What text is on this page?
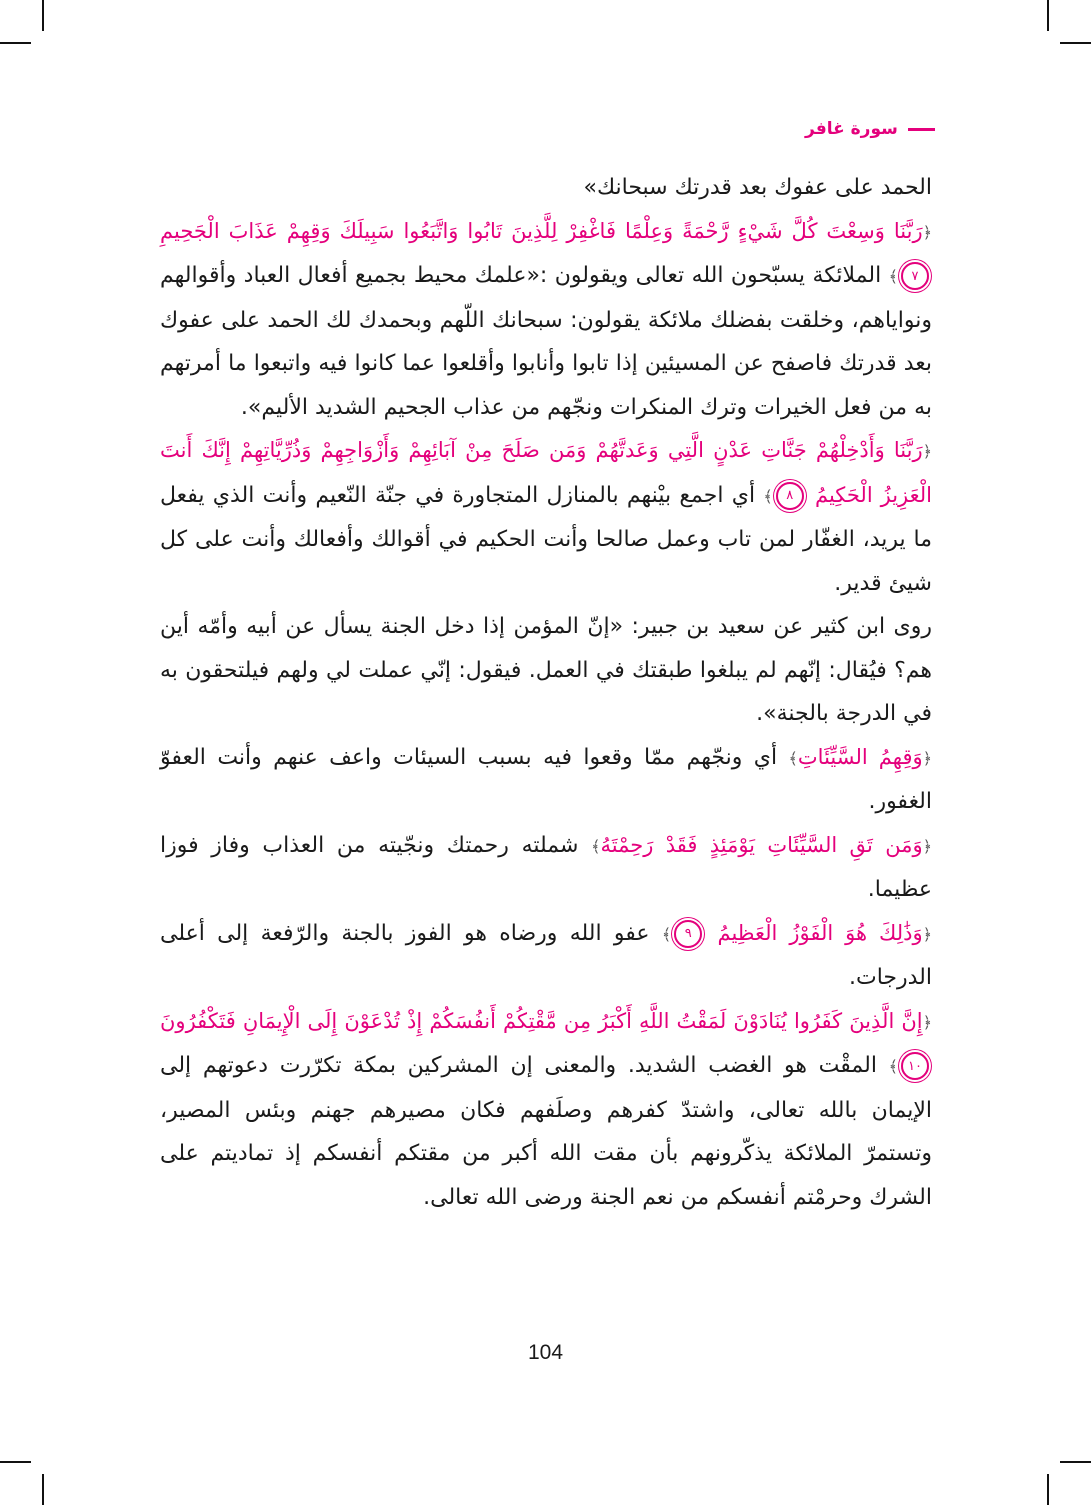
سورة غافر

الحمد على عفوك بعد قدرتك سبحانك»

﴿رَبَّنَا وَسِعْتَ كُلَّ شَيْءٍ رَّحْمَةً وَعِلْمًا فَاغْفِرْ لِلَّذِينَ تَابُوا وَاتَّبَعُوا سَبِيلَكَ وَقِهِمْ عَذَابَ الْجَحِيمِ ٧﴾ الملائكة يسبّحون الله تعالى ويقولون :«علمك محيط بجميع أفعال العباد وأقوالهم ونواياهم، وخلقت بفضلك ملائكة يقولون: سبحانك اللّهم وبحمدك لك الحمد على عفوك بعد قدرتك فاصفح عن المسيئين إذا تابوا وأنابوا وأقلعوا عما كانوا فيه واتبعوا ما أمرتهم به من فعل الخيرات وترك المنكرات ونجّهم من عذاب الجحيم الشديد الأليم».

﴿رَبَّنَا وَأَدْخِلْهُمْ جَنَّاتِ عَدْنٍ الَّتِي وَعَدتَّهُمْ وَمَن صَلَحَ مِنْ آبَائِهِمْ وَأَزْوَاجِهِمْ وَذُرِّيَّاتِهِمْ إِنَّكَ أَنتَ الْعَزِيزُ الْحَكِيمُ ٨﴾ أي اجمع بيْنهم بالمنازل المتجاورة في جنّة النّعيم وأنت الذي يفعل ما يريد، الغفّار لمن تاب وعمل صالحا وأنت الحكيم في أقوالك وأفعالك وأنت على كل شيئ قدير.

روى ابن كثير عن سعيد بن جبير: «إنّ المؤمن إذا دخل الجنة يسأل عن أبيه وأمّه أين هم؟ فيُقال: إنّهم لم يبلغوا طبقتك في العمل. فيقول: إنّي عملت لي ولهم فيلتحقون به في الدرجة بالجنة».

﴿وَقِهِمُ السَّيِّئَاتِ﴾ أي ونجّهم ممّا وقعوا فيه بسبب السيئات واعف عنهم وأنت العفوّ الغفور.

﴿وَمَن تَقِ السَّيِّئَاتِ يَوْمَئِذٍ فَقَدْ رَحِمْتَهُ﴾ شملته رحمتك ونجّيته من العذاب وفاز فوزا عظيما.

﴿وَذَٰلِكَ هُوَ الْفَوْزُ الْعَظِيمُ ٩﴾ عفو الله ورضاه هو الفوز بالجنة والرّفعة إلى أعلى الدرجات.

﴿إِنَّ الَّذِينَ كَفَرُوا يُنَادَوْنَ لَمَقْتُ اللَّهِ أَكْبَرُ مِن مَّقْتِكُمْ أَنفُسَكُمْ إِذْ تُدْعَوْنَ إِلَى الْإِيمَانِ فَتَكْفُرُونَ ١٠﴾ المقْت هو الغضب الشديد. والمعنى إن المشركين بمكة تكرّرت دعوتهم إلى الإيمان بالله تعالى، واشتدّ كفرهم وصلَفهم فكان مصيرهم جهنم وبئس المصير، وتستمرّ الملائكة يذكّرونهم بأن مقت الله أكبر من مقتكم أنفسكم إذ تماديتم على الشرك وحرمْتم أنفسكم من نعم الجنة ورضى الله تعالى.

104
